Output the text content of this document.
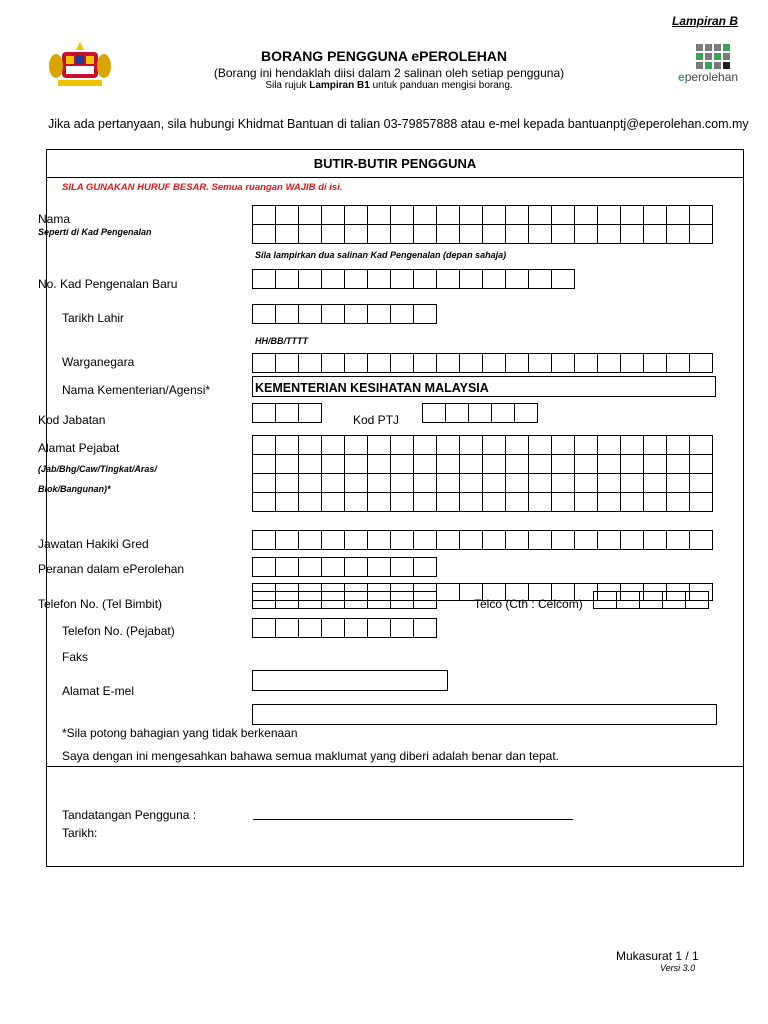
Lampiran B
BORANG PENGGUNA ePEROLEHAN
(Borang ini hendaklah diisi dalam 2 salinan oleh setiap pengguna)
Sila rujuk Lampiran B1 untuk panduan mengisi borang.
eperolehan
Jika ada pertanyaan, sila hubungi Khidmat Bantuan di talian 03-79857888 atau e-mel kepada bantuanptj@eperolehan.com.my
BUTIR-BUTIR PENGGUNA
SILA GUNAKAN HURUF BESAR. Semua ruangan WAJIB di isi.
Nama
Seperti di Kad Pengenalan
Sila lampirkan dua salinan Kad Pengenalan (depan sahaja)
No. Kad Pengenalan Baru
Tarikh Lahir
HH/BB/TTTT
Warganegara
Nama Kementerian/Agensi*	KEMENTERIAN KESIHATAN MALAYSIA
Kod Jabatan	Kod PTJ
Alamat Pejabat
(Jab/Bhg/Caw/Tingkat/Aras/
Blok/Bangunan)*
Jawatan Hakiki Gred
Peranan dalam ePerolehan
Telefon No. (Tel Bimbit)	Telco (Cth : Celcom)
Telefon No. (Pejabat)
Faks
Alamat E-mel
*Sila potong bahagian yang tidak berkenaan
Saya dengan ini mengesahkan bahawa semua maklumat yang diberi adalah benar dan tepat.
Tandatangan Pengguna :
Tarikh:
Mukasurat 1 / 1
Versi 3.0
